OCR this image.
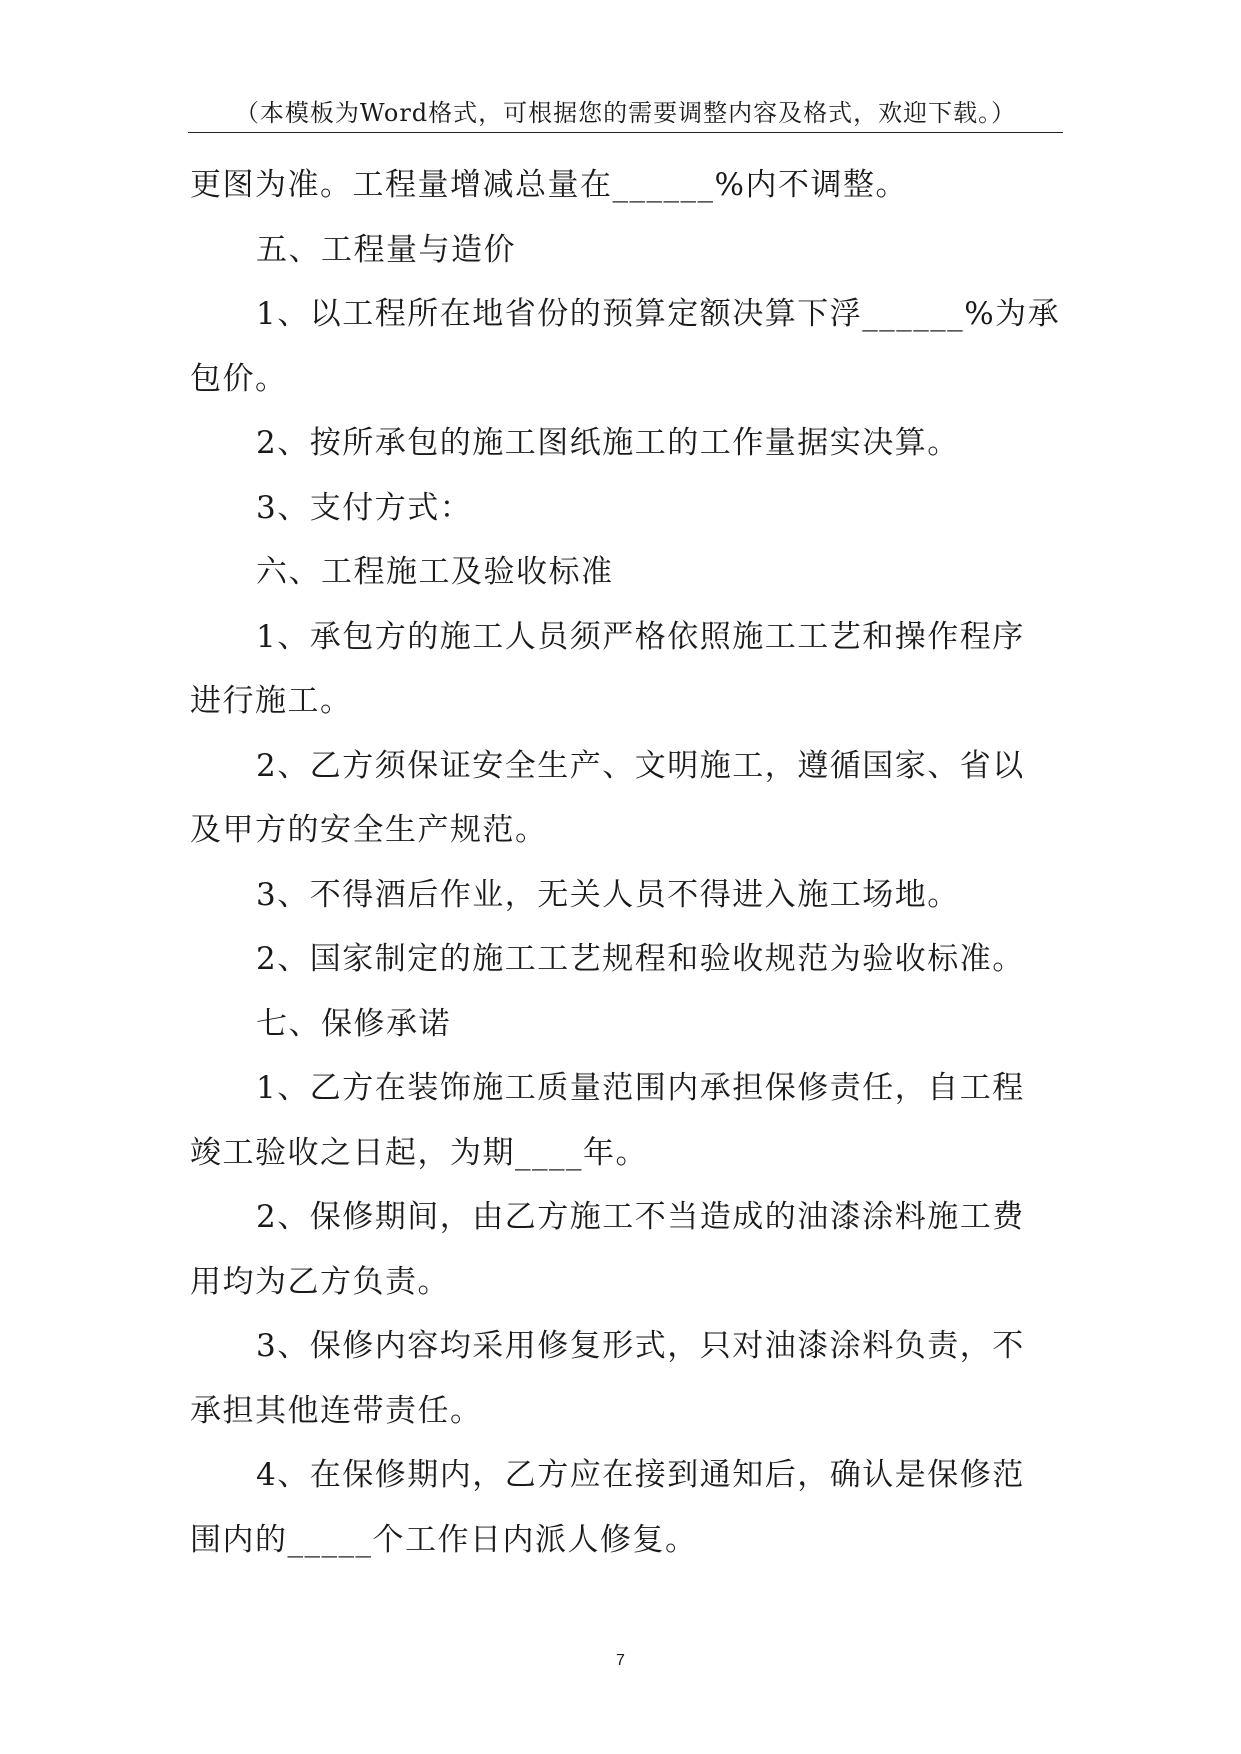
（本模板为Word格式，可根据您的需要调整内容及格式，欢迎下载。）

更图为准。工程量增减总量在______%内不调整。

五、工程量与造价

1、以工程所在地省份的预算定额决算下浮______%为承

包价。

2、按所承包的施工图纸施工的工作量据实决算。

3、支付方式：

六、工程施工及验收标准

1、承包方的施工人员须严格依照施工工艺和操作程序

进行施工。

2、乙方须保证安全生产、文明施工，遵循国家、省以

及甲方的安全生产规范。

3、不得酒后作业，无关人员不得进入施工场地。

2、国家制定的施工工艺规程和验收规范为验收标准。

七、保修承诺

1、乙方在装饰施工质量范围内承担保修责任，自工程

竣工验收之日起，为期____年。

2、保修期间，由乙方施工不当造成的油漆涂料施工费

用均为乙方负责。

3、保修内容均采用修复形式，只对油漆涂料负责，不

承担其他连带责任。

4、在保修期内，乙方应在接到通知后，确认是保修范

围内的_____个工作日内派人修复。

7
